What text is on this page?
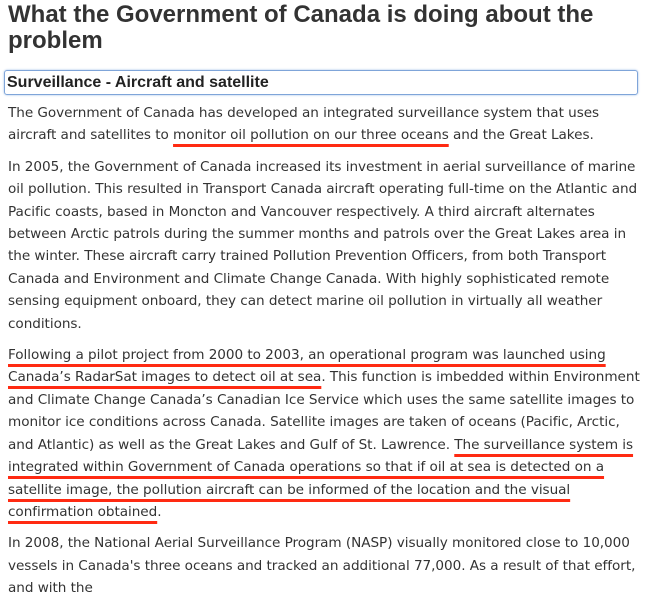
What the Government of Canada is doing about the problem
Surveillance - Aircraft and satellite

The Government of Canada has developed an integrated surveillance system that uses aircraft and satellites to monitor oil pollution on our three oceans and the Great Lakes.

In 2005, the Government of Canada increased its investment in aerial surveillance of marine oil pollution. This resulted in Transport Canada aircraft operating full-time on the Atlantic and Pacific coasts, based in Moncton and Vancouver respectively. A third aircraft alternates between Arctic patrols during the summer months and patrols over the Great Lakes area in the winter. These aircraft carry trained Pollution Prevention Officers, from both Transport Canada and Environment and Climate Change Canada. With highly sophisticated remote sensing equipment onboard, they can detect marine oil pollution in virtually all weather conditions.

Following a pilot project from 2000 to 2003, an operational program was launched using Canada’s RadarSat images to detect oil at sea. This function is imbedded within Environment and Climate Change Canada’s Canadian Ice Service which uses the same satellite images to monitor ice conditions across Canada. Satellite images are taken of oceans (Pacific, Arctic, and Atlantic) as well as the Great Lakes and Gulf of St. Lawrence. The surveillance system is integrated within Government of Canada operations so that if oil at sea is detected on a satellite image, the pollution aircraft can be informed of the location and the visual confirmation obtained.

In 2008, the National Aerial Surveillance Program (NASP) visually monitored close to 10,000 vessels in Canada's three oceans and tracked an additional 77,000. As a result of that effort, and with the
